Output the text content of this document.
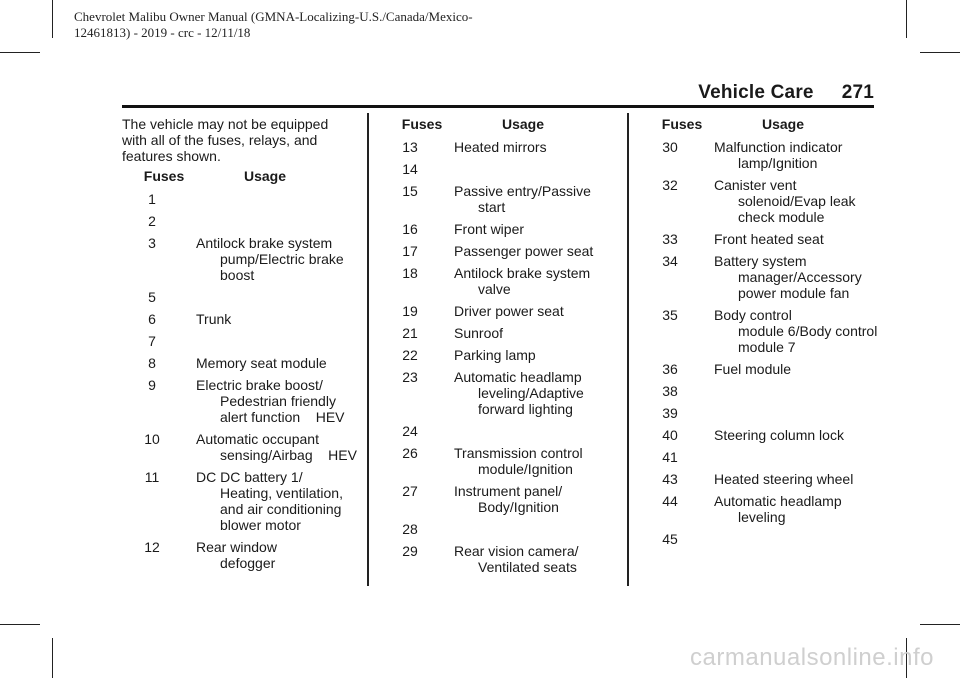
Chevrolet Malibu Owner Manual (GMNA-Localizing-U.S./Canada/Mexico-
12461813) - 2019 - crc - 12/11/18
Vehicle Care 271

The vehicle may not be equipped with all of the fuses, relays, and features shown.

Fuses	Usage
1
2
3	Antilock brake system
pump/Electric brake
boost
5
6	Trunk
7
8	Memory seat module
9	Electric brake boost/
Pedestrian friendly
alert function    HEV
10	Automatic occupant
sensing/Airbag    HEV
11	DC DC battery 1/
Heating, ventilation,
and air conditioning
blower motor
12	Rear window
defogger
Fuses	Usage
13	Heated mirrors
14
15	Passive entry/Passive
start
16	Front wiper
17	Passenger power seat
18	Antilock brake system
valve
19	Driver power seat
21	Sunroof
22	Parking lamp
23	Automatic headlamp
leveling/Adaptive
forward lighting
24
26	Transmission control
module/Ignition
27	Instrument panel/
Body/Ignition
28
29	Rear vision camera/
Ventilated seats
Fuses	Usage
30	Malfunction indicator
lamp/Ignition
32	Canister vent
solenoid/Evap leak
check module
33	Front heated seat
34	Battery system
manager/Accessory
power module fan
35	Body control
module 6/Body control
module 7
36	Fuel module
38
39
40	Steering column lock
41
43	Heated steering wheel
44	Automatic headlamp
leveling
45
carmanualsonline.info
